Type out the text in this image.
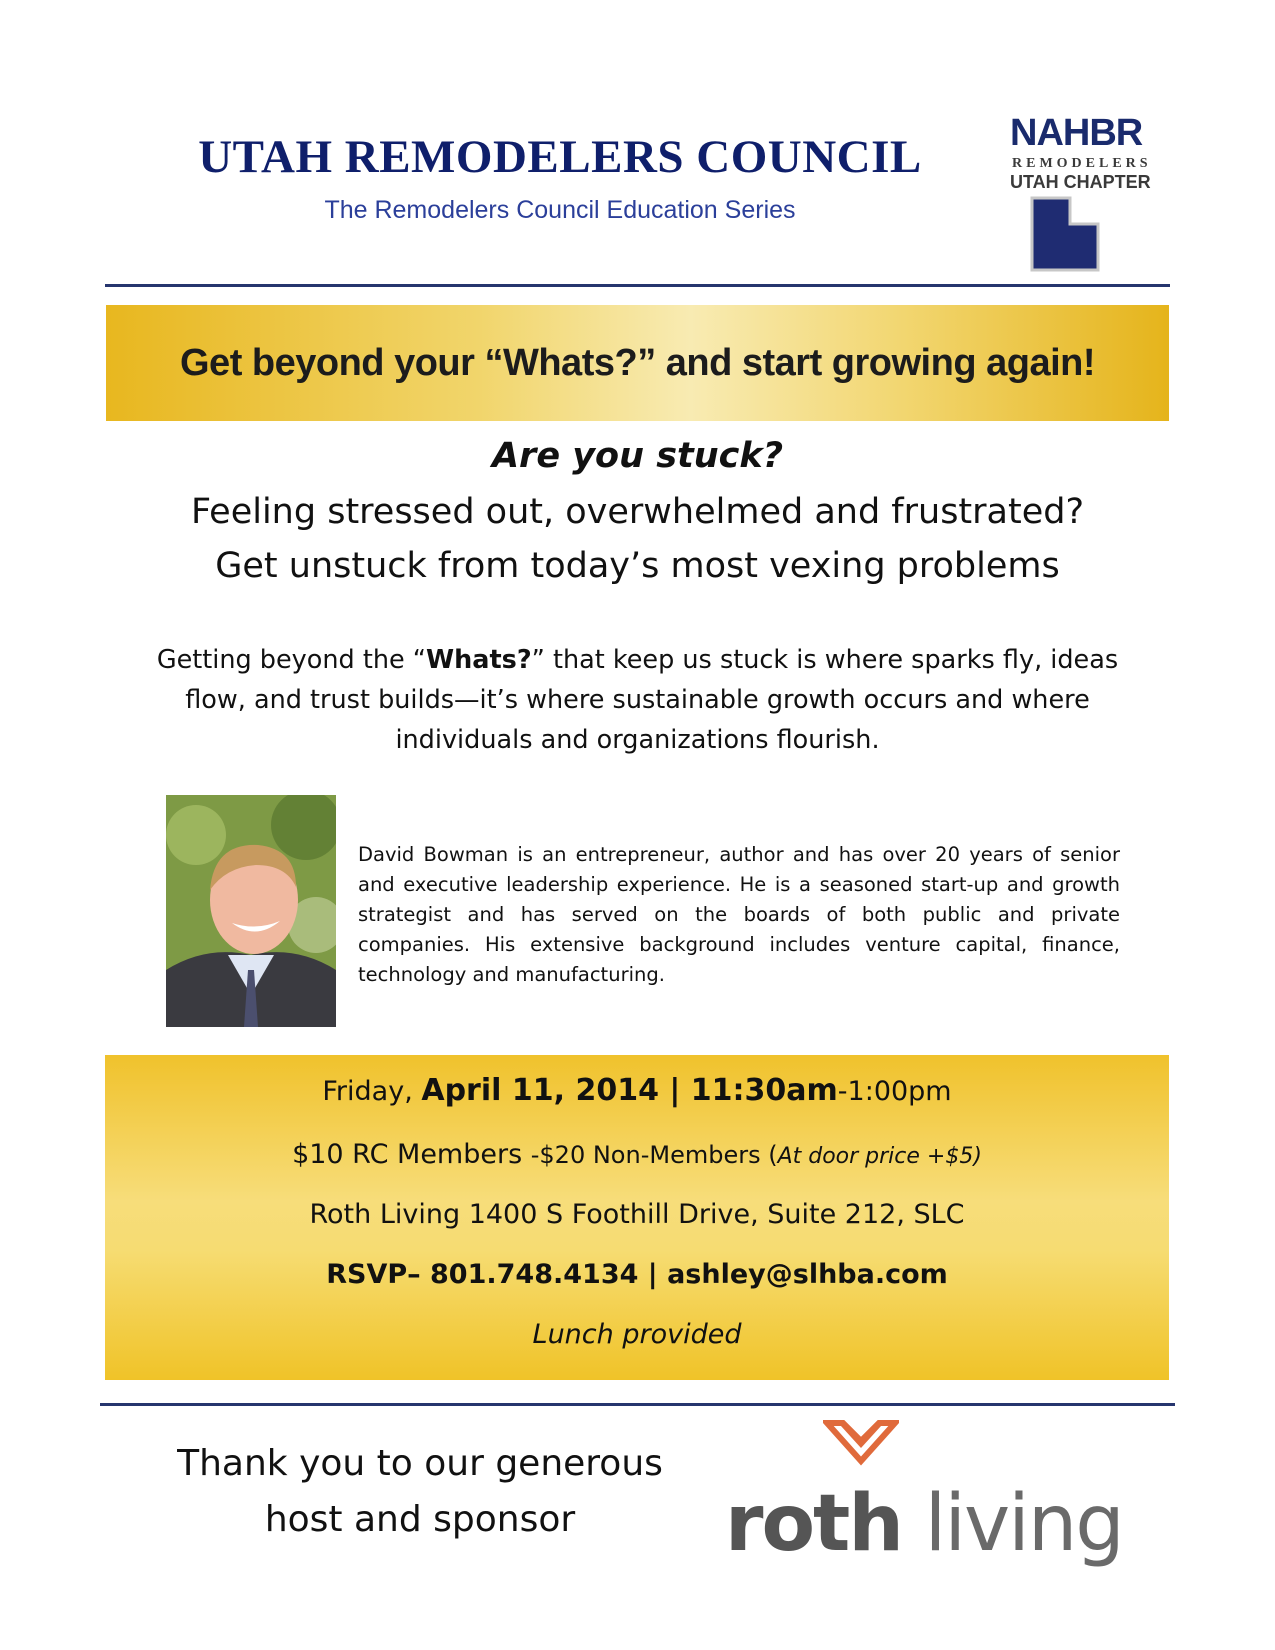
UTAH REMODELERS COUNCIL
The Remodelers Council Education Series
NAHBR
REMODELERS
UTAH CHAPTER
Get beyond your “Whats?” and start growing again!
Are you stuck?
Feeling stressed out, overwhelmed and frustrated?
Get unstuck from today’s most vexing problems
Getting beyond the “Whats?” that keep us stuck is where sparks fly, ideas flow, and trust builds—it’s where sustainable growth occurs and where individuals and organizations flourish.
David Bowman is an entrepreneur, author and has over 20 years of senior and executive leadership experience. He is a seasoned start-up and growth strategist and has served on the boards of both public and private companies. His extensive background includes venture capital, finance, technology and manufacturing.
Friday, April 11, 2014 | 11:30am-1:00pm
$10 RC Members -$20 Non-Members (At door price +$5)
Roth Living 1400 S Foothill Drive, Suite 212, SLC
RSVP– 801.748.4134 | ashley@slhba.com
Lunch provided
Thank you to our generous
host and sponsor	roth living
